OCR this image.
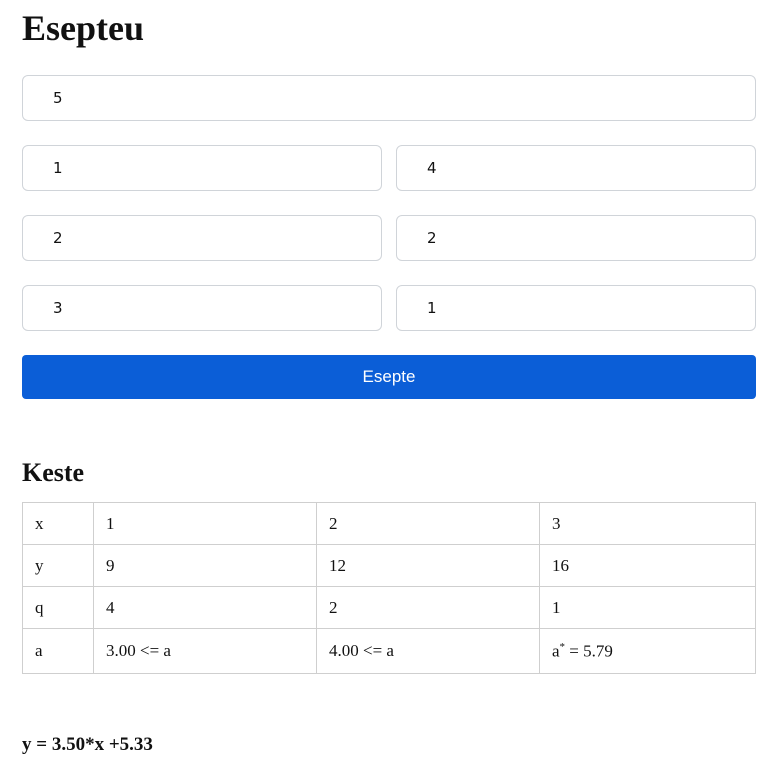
Esepteu
5
1
4
2
2
3
1
Esepte
Keste
x	1	2	3
y	9	12	16
q	4	2	1
a	3.00 <= a	4.00 <= a	a* = 5.79

y = 3.50*x +5.33
